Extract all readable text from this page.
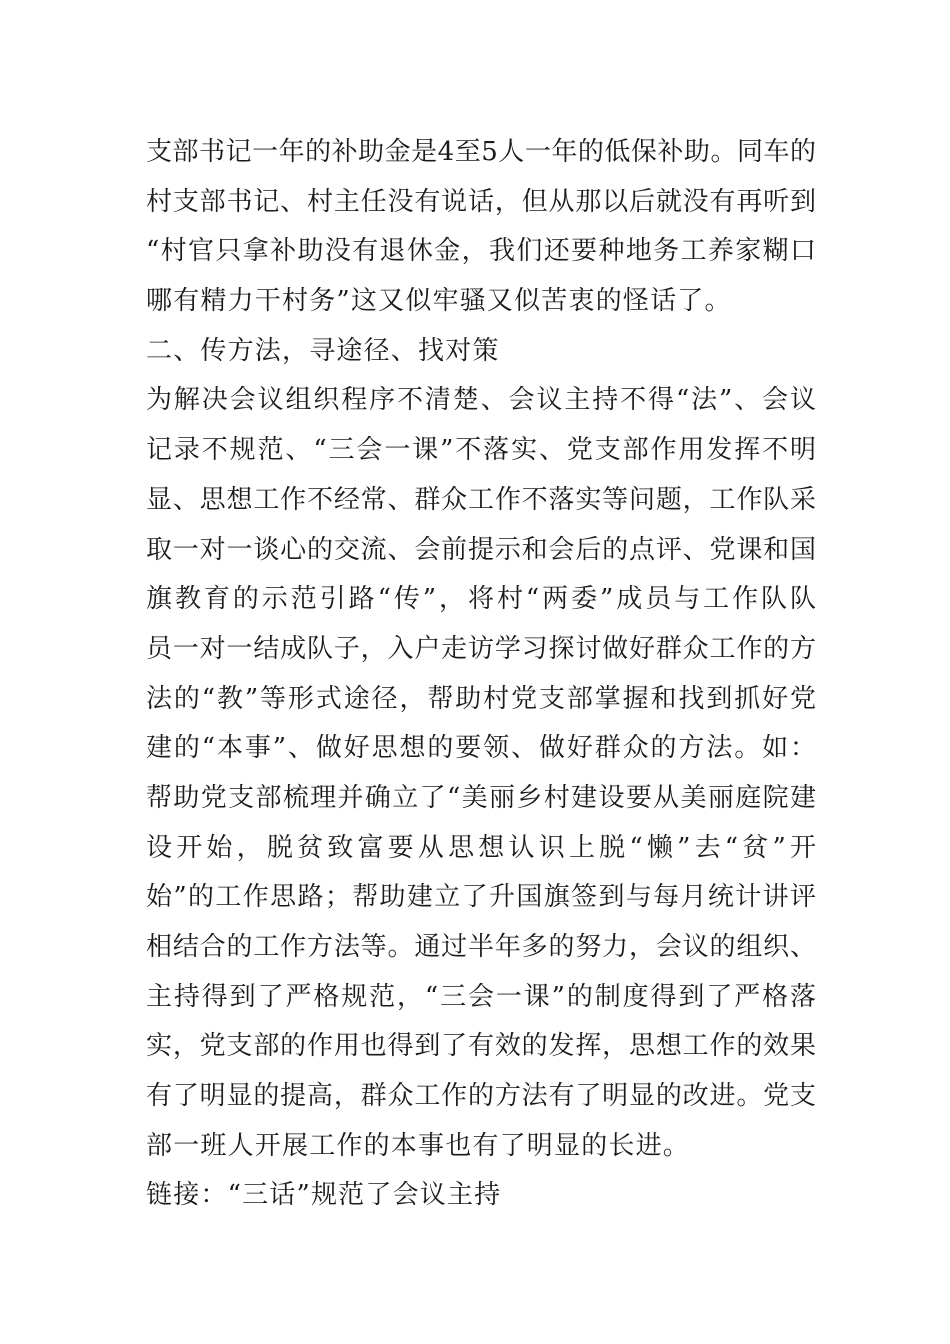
支部书记一年的补助金是4至5人一年的低保补助。同车的
村支部书记、村主任没有说话，但从那以后就没有再听到
“村官只拿补助没有退休金，我们还要种地务工养家糊口
哪有精力干村务”这又似牢骚又似苦衷的怪话了。
二、传方法，寻途径、找对策
为解决会议组织程序不清楚、会议主持不得“法”、会议
记录不规范、“三会一课”不落实、党支部作用发挥不明
显、思想工作不经常、群众工作不落实等问题，工作队采
取一对一谈心的交流、会前提示和会后的点评、党课和国
旗教育的示范引路“传”，将村“两委”成员与工作队队
员一对一结成队子，入户走访学习探讨做好群众工作的方
法的“教”等形式途径，帮助村党支部掌握和找到抓好党
建的“本事”、做好思想的要领、做好群众的方法。如：
帮助党支部梳理并确立了“美丽乡村建设要从美丽庭院建
设开始，脱贫致富要从思想认识上脱“懒”去“贫”开
始”的工作思路；帮助建立了升国旗签到与每月统计讲评
相结合的工作方法等。通过半年多的努力，会议的组织、
主持得到了严格规范，“三会一课”的制度得到了严格落
实，党支部的作用也得到了有效的发挥，思想工作的效果
有了明显的提高，群众工作的方法有了明显的改进。党支
部一班人开展工作的本事也有了明显的长进。
链接：“三话”规范了会议主持
